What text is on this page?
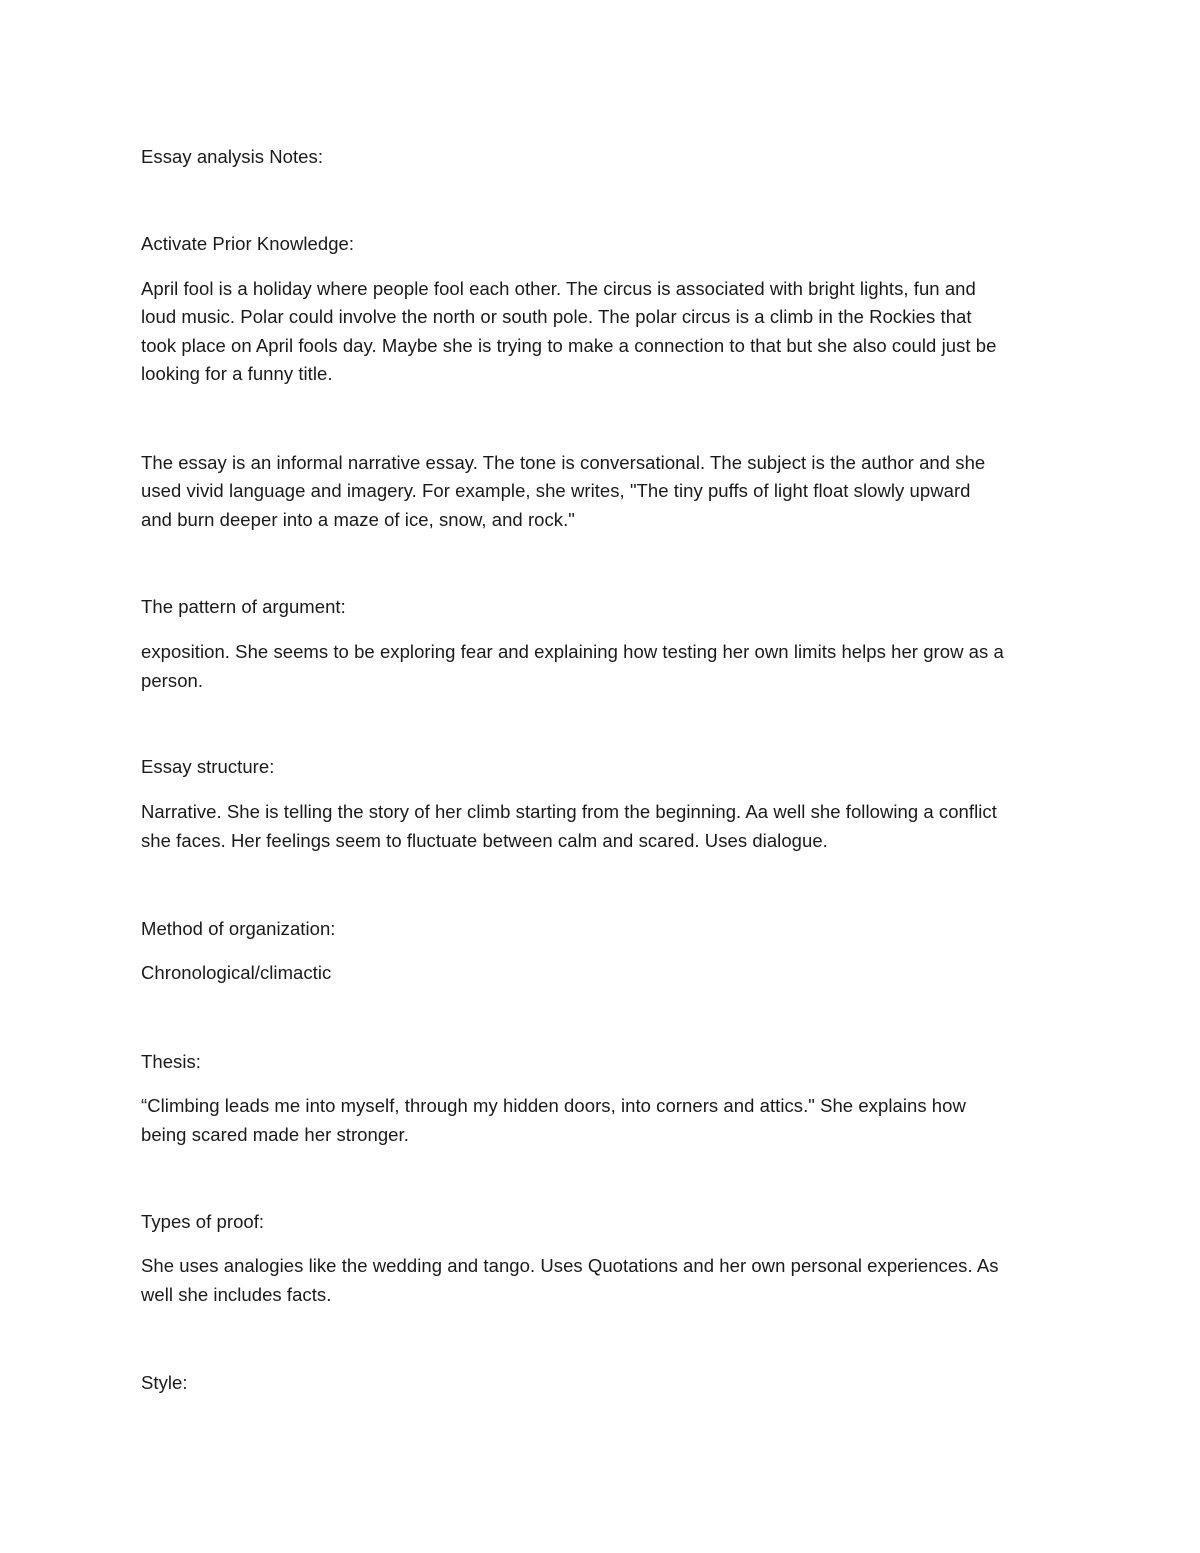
Essay analysis Notes:

Activate Prior Knowledge:

April fool is a holiday where people fool each other. The circus is associated with bright lights, fun and

loud music. Polar could involve the north or south pole. The polar circus is a climb in the Rockies that

took place on April fools day. Maybe she is trying to make a connection to that but she also could just be

looking for a funny title.

The essay is an informal narrative essay. The tone is conversational. The subject is the author and she

used vivid language and imagery. For example, she writes, "The tiny puffs of light float slowly upward

and burn deeper into a maze of ice, snow, and rock."

The pattern of argument:

exposition. She seems to be exploring fear and explaining how testing her own limits helps her grow as a

person.

Essay structure:

Narrative. She is telling the story of her climb starting from the beginning. Aa well she following a conflict

she faces. Her feelings seem to fluctuate between calm and scared. Uses dialogue.

Method of organization:

Chronological/climactic

Thesis:

“Climbing leads me into myself, through my hidden doors, into corners and attics." She explains how

being scared made her stronger.

Types of proof:

She uses analogies like the wedding and tango. Uses Quotations and her own personal experiences. As

well she includes facts.

Style:
